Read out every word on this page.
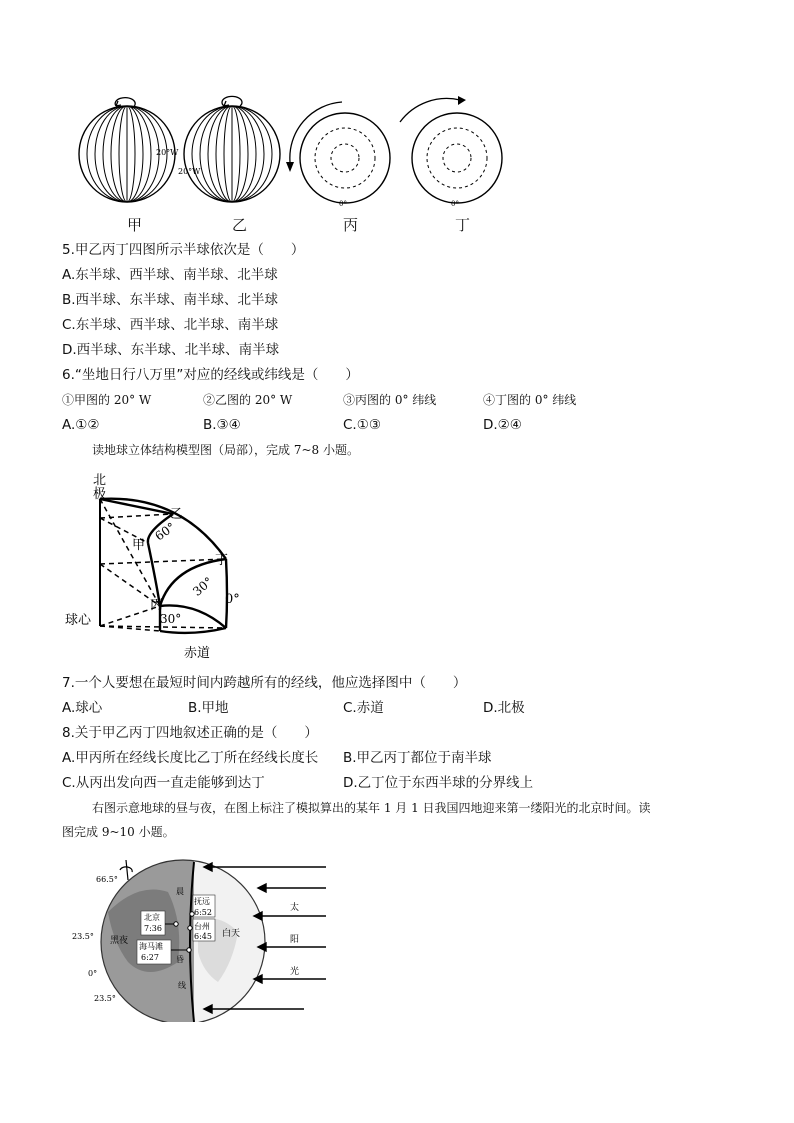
20°W
20°W
0°	0°
甲	乙	丙	丁
5.甲乙丙丁四图所示半球依次是（　　）
A.东半球、西半球、南半球、北半球
B.西半球、东半球、南半球、北半球
C.东半球、西半球、北半球、南半球
D.西半球、东半球、北半球、南半球
6.“坐地日行八万里”对应的经线或纬线是（　　）
①甲图的 20° W	②乙图的 20° W	③丙图的 0° 纬线	④丁图的 0° 纬线
A.①②	B.③④	C.①③	D.②④
读地球立体结构模型图（局部），完成 7~8 小题。
北
极
球心
甲
乙
丙
丁
60°
30°
30°
0°
赤道
7.一个人要想在最短时间内跨越所有的经线，他应选择图中（　　）
A.球心	B.甲地	C.赤道	D.北极
8.关于甲乙丙丁四地叙述正确的是（　　）
A.甲丙所在经线长度比乙丁所在经线长度长 B.甲乙丙丁都位于南半球
C.从丙出发向西一直走能够到达丁	D.乙丁位于东西半球的分界线上
右图示意地球的昼与夜，在图上标注了模拟算出的某年 1 月 1 日我国四地迎来第一缕阳光的北京时间。读
图完成 9~10 小题。
66.5°
23.5°
0°
23.5°
黑夜
白天
北京
7:36
抚远
6:52
台州
6:45
海马滩
6:27
晨
昏
线
太
阳
光
